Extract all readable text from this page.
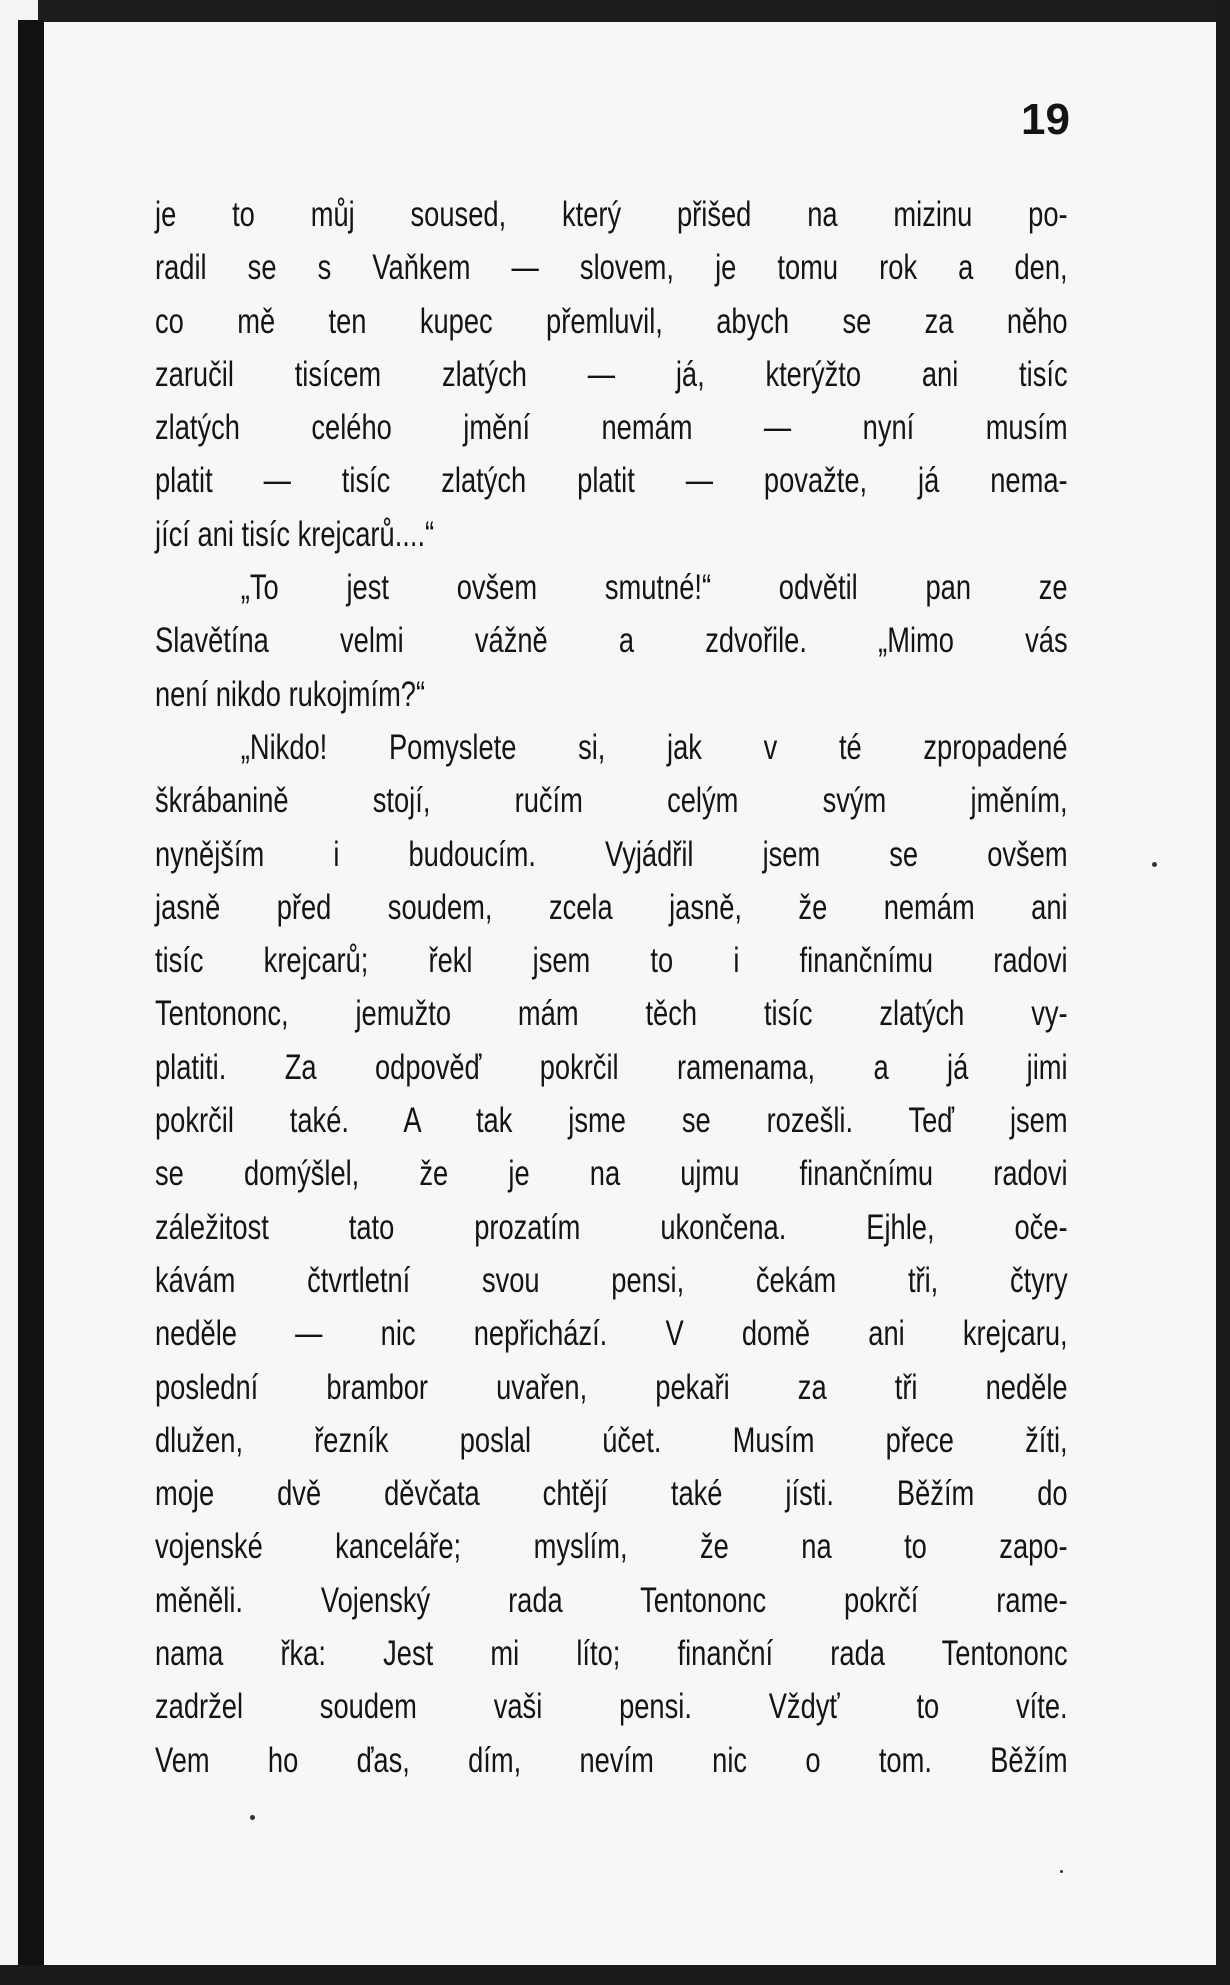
19
je to můj soused, který přišed na mizinu po-
radil se s Vaňkem — slovem, je tomu rok a den,
co mě ten kupec přemluvil, abych se za něho
zaručil tisícem zlatých — já, kterýžto ani tisíc
zlatých celého jmění nemám — nyní musím
platit — tisíc zlatých platit — považte, já nema-
jící ani tisíc krejcarů....“
„To jest ovšem smutné!“ odvětil pan ze
Slavětína velmi vážně a zdvořile. „Mimo vás
není nikdo rukojmím?“
„Nikdo! Pomyslete si, jak v té zpropadené
škrábanině stojí, ručím celým svým jměním,
nynějším i budoucím. Vyjádřil jsem se ovšem
jasně před soudem, zcela jasně, že nemám ani
tisíc krejcarů; řekl jsem to i finančnímu radovi
Tentononc, jemužto mám těch tisíc zlatých vy-
platiti. Za odpověď pokrčil ramenama, a já jimi
pokrčil také. A tak jsme se rozešli. Teď jsem
se domýšlel, že je na ujmu finančnímu radovi
záležitost tato prozatím ukončena. Ejhle, oče-
kávám čtvrtletní svou pensi, čekám tři, čtyry
neděle — nic nepřichází. V domě ani krejcaru,
poslední brambor uvařen, pekaři za tři neděle
dlužen, řezník poslal účet. Musím přece žíti,
moje dvě děvčata chtějí také jísti. Běžím do
vojenské kanceláře; myslím, že na to zapo-
měněli. Vojenský rada Tentononc pokrčí rame-
nama řka: Jest mi líto; finanční rada Tentononc
zadržel soudem vaši pensi. Vždyť to víte.
Vem ho ďas, dím, nevím nic o tom. Běžím
